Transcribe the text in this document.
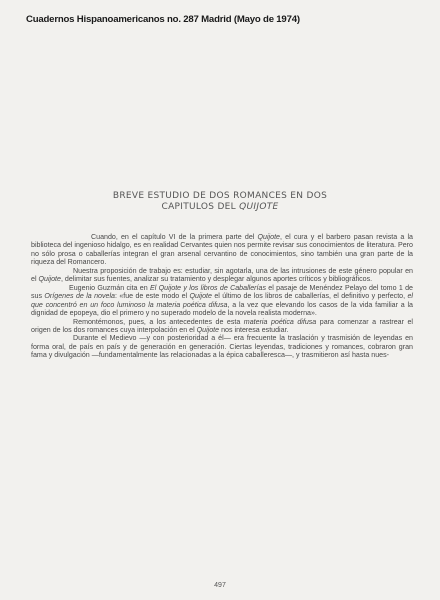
Cuadernos Hispanoamericanos no. 287 Madrid (Mayo de 1974)
BREVE ESTUDIO DE DOS ROMANCES EN DOS
CAPITULOS DEL QUIJOTE

Cuando, en el capítulo VI de la primera parte del Quijote, el cura y el barbero pasan revista a la biblioteca del ingenioso hidalgo, es en realidad Cervantes quien nos permite revisar sus conocimientos de literatura. Pero no sólo prosa o caballerías integran el gran arsenal cervantino de conocimientos, sino también una gran parte de la riqueza del Romancero.

Nuestra proposición de trabajo es: estudiar, sin agotarla, una de las intrusiones de este género popular en el Quijote, delimitar sus fuentes, analizar su tratamiento y desplegar algunos aportes críticos y bibliográficos.

Eugenio Guzmán cita en El Quijote y los libros de Caballerías el pasaje de Menéndez Pelayo del tomo 1 de sus Orígenes de la novela: «fue de este modo el Quijote el último de los libros de caballerías, el definitivo y perfecto, el que concentró en un foco luminoso la materia poética difusa, a la vez que elevando los casos de la vida familiar a la dignidad de epopeya, dio el primero y no superado modelo de la novela realista moderna».

Remontémonos, pues, a los antecedentes de esta materia poética difusa para comenzar a rastrear el origen de los dos romances cuya interpolación en el Quijote nos interesa estudiar.

Durante el Medievo —y con posterioridad a él— era frecuente la traslación y trasmisión de leyendas en forma oral, de país en país y de generación en generación. Ciertas leyendas, tradiciones y romances, cobraron gran fama y divulgación —fundamentalmente las relacionadas a la épica caballeresca—, y trasmitieron así hasta nues-

497
